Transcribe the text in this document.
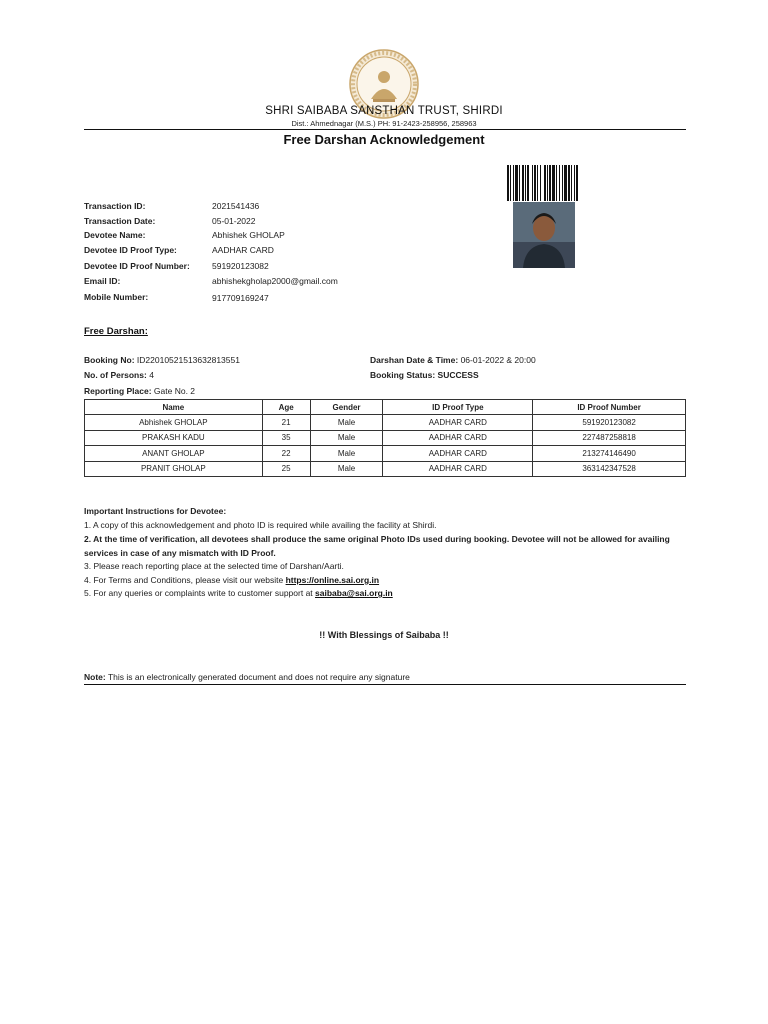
SHRI SAIBABA SANSTHAN TRUST, SHIRDI
Dist.: Ahmednagar (M.S.) PH: 91-2423-258956, 258963
Free Darshan Acknowledgement
Transaction ID:	2021541436
Transaction Date:	05-01-2022
Devotee Name:	Abhishek GHOLAP
Devotee ID Proof Type:	AADHAR CARD
Devotee ID Proof Number:	591920123082
Email ID:	abhishekgholap2000@gmail.com
Mobile Number:	917709169247
Free Darshan:
Booking No: ID22010521513632813551	Darshan Date & Time: 06-01-2022 & 20:00
No. of Persons: 4	Booking Status: SUCCESS
Reporting Place: Gate No. 2
Name	Age	Gender	ID Proof Type	ID Proof Number
Abhishek GHOLAP	21	Male	AADHAR CARD	591920123082
PRAKASH KADU	35	Male	AADHAR CARD	227487258818
ANANT GHOLAP	22	Male	AADHAR CARD	213274146490
PRANIT GHOLAP	25	Male	AADHAR CARD	363142347528
Important Instructions for Devotee:
1. A copy of this acknowledgement and photo ID is required while availing the facility at Shirdi.
2. At the time of verification, all devotees shall produce the same original Photo IDs used during booking. Devotee will not be allowed for availing services in case of any mismatch with ID Proof.
3. Please reach reporting place at the selected time of Darshan/Aarti.
4. For Terms and Conditions, please visit our website https://online.sai.org.in
5. For any queries or complaints write to customer support at saibaba@sai.org.in
!! With Blessings of Saibaba !!
Note: This is an electronically generated document and does not require any signature
